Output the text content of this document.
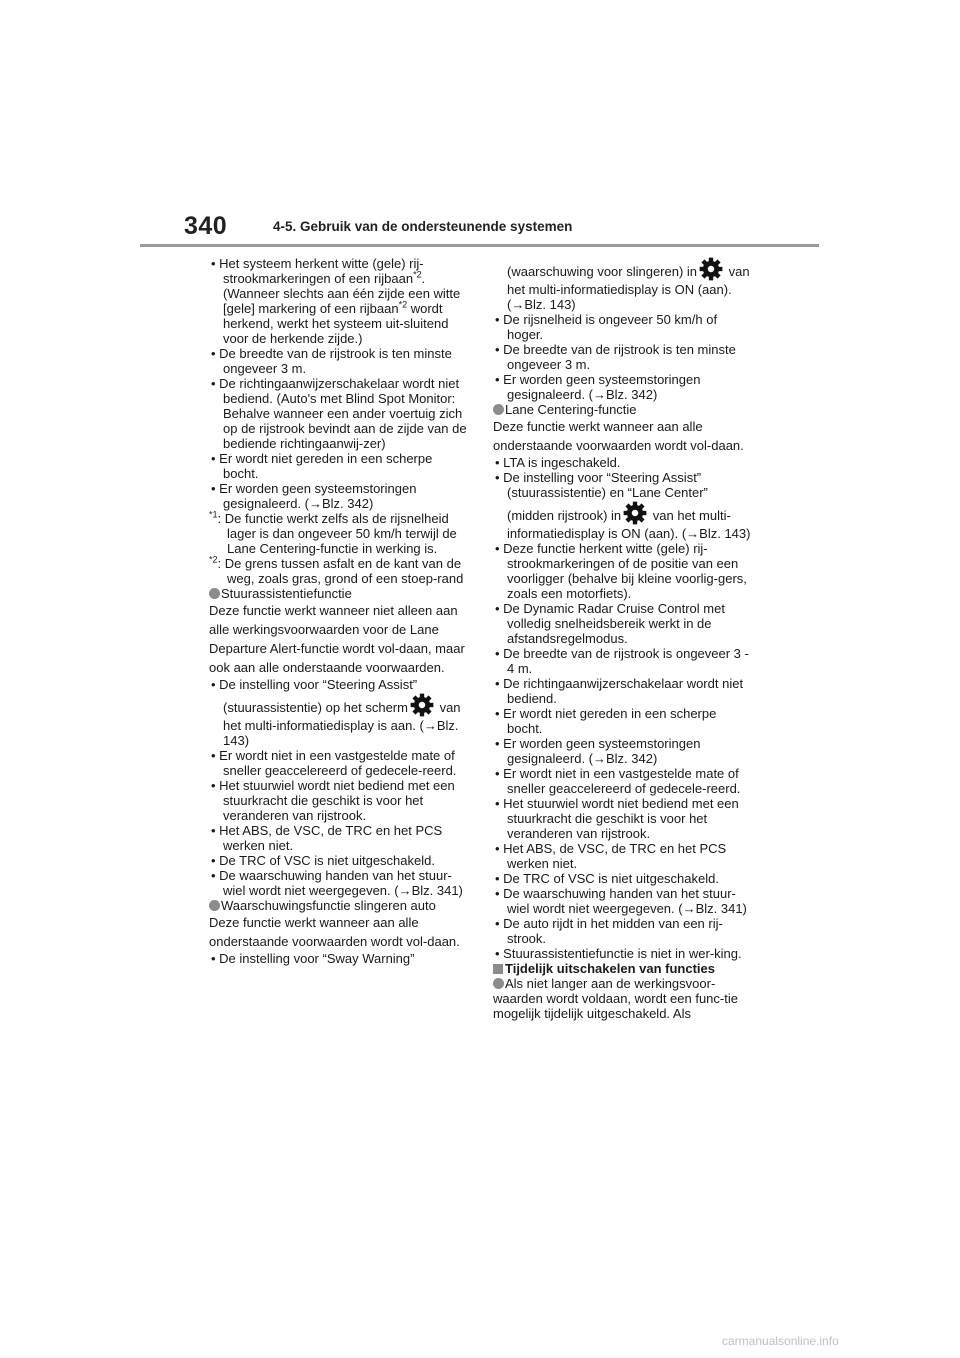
340	4-5. Gebruik van de ondersteunende systemen

• Het systeem herkent witte (gele) rij-strookmarkeringen of een rijbaan$^{*2}$. (Wanneer slechts aan één zijde een witte [gele] markering of een rijbaan$^{*2}$ wordt herkend, werkt het systeem uit-sluitend voor de herkende zijde.)

• De breedte van de rijstrook is ten minste ongeveer 3 m.

• De richtingaanwijzerschakelaar wordt niet bediend. (Auto's met Blind Spot Monitor: Behalve wanneer een ander voertuig zich op de rijstrook bevindt aan de zijde van de bediende richtingaanwij-zer)

• Er wordt niet gereden in een scherpe bocht.

• Er worden geen systeemstoringen gesignaleerd. (→Blz. 342)

$^{*1}$: De functie werkt zelfs als de rijsnelheid lager is dan ongeveer 50 km/h terwijl de Lane Centering-functie in werking is.

$^{*2}$: De grens tussen asfalt en de kant van de weg, zoals gras, grond of een stoep-rand

Stuurassistentiefunctie

Deze functie werkt wanneer niet alleen aan alle werkingsvoorwaarden voor de Lane Departure Alert-functie wordt vol-daan, maar ook aan alle onderstaande voorwaarden.

• De instelling voor “Steering Assist” (stuurassistentie) op het scherm van het multi-informatiedisplay is aan. (→Blz. 143)

• Er wordt niet in een vastgestelde mate of sneller geaccelereerd of gedecele-reerd.

• Het stuurwiel wordt niet bediend met een stuurkracht die geschikt is voor het veranderen van rijstrook.

• Het ABS, de VSC, de TRC en het PCS werken niet.

• De TRC of VSC is niet uitgeschakeld.

• De waarschuwing handen van het stuur-wiel wordt niet weergegeven. (→Blz. 341)

Waarschuwingsfunctie slingeren auto

Deze functie werkt wanneer aan alle onderstaande voorwaarden wordt vol-daan.

• De instelling voor “Sway Warning”

(waarschuwing voor slingeren) in van het multi-informatiedisplay is ON (aan). (→Blz. 143)

• De rijsnelheid is ongeveer 50 km/h of hoger.

• De breedte van de rijstrook is ten minste ongeveer 3 m.

• Er worden geen systeemstoringen gesignaleerd. (→Blz. 342)

Lane Centering-functie

Deze functie werkt wanneer aan alle onderstaande voorwaarden wordt vol-daan.

• LTA is ingeschakeld.

• De instelling voor “Steering Assist” (stuurassistentie) en “Lane Center” (midden rijstrook) in van het multi-informatiedisplay is ON (aan). (→Blz. 143)

• Deze functie herkent witte (gele) rij-strookmarkeringen of de positie van een voorligger (behalve bij kleine voorlig-gers, zoals een motorfiets).

• De Dynamic Radar Cruise Control met volledig snelheidsbereik werkt in de afstandsregelmodus.

• De breedte van de rijstrook is ongeveer 3 - 4 m.

• De richtingaanwijzerschakelaar wordt niet bediend.

• Er wordt niet gereden in een scherpe bocht.

• Er worden geen systeemstoringen gesignaleerd. (→Blz. 342)

• Er wordt niet in een vastgestelde mate of sneller geaccelereerd of gedecele-reerd.

• Het stuurwiel wordt niet bediend met een stuurkracht die geschikt is voor het veranderen van rijstrook.

• Het ABS, de VSC, de TRC en het PCS werken niet.

• De TRC of VSC is niet uitgeschakeld.

• De waarschuwing handen van het stuur-wiel wordt niet weergegeven. (→Blz. 341)

• De auto rijdt in het midden van een rij-strook.

• Stuurassistentiefunctie is niet in wer-king.

Tijdelijk uitschakelen van functies

Als niet langer aan de werkingsvoor-waarden wordt voldaan, wordt een func-tie mogelijk tijdelijk uitgeschakeld. Als

carmanualsonline.info
